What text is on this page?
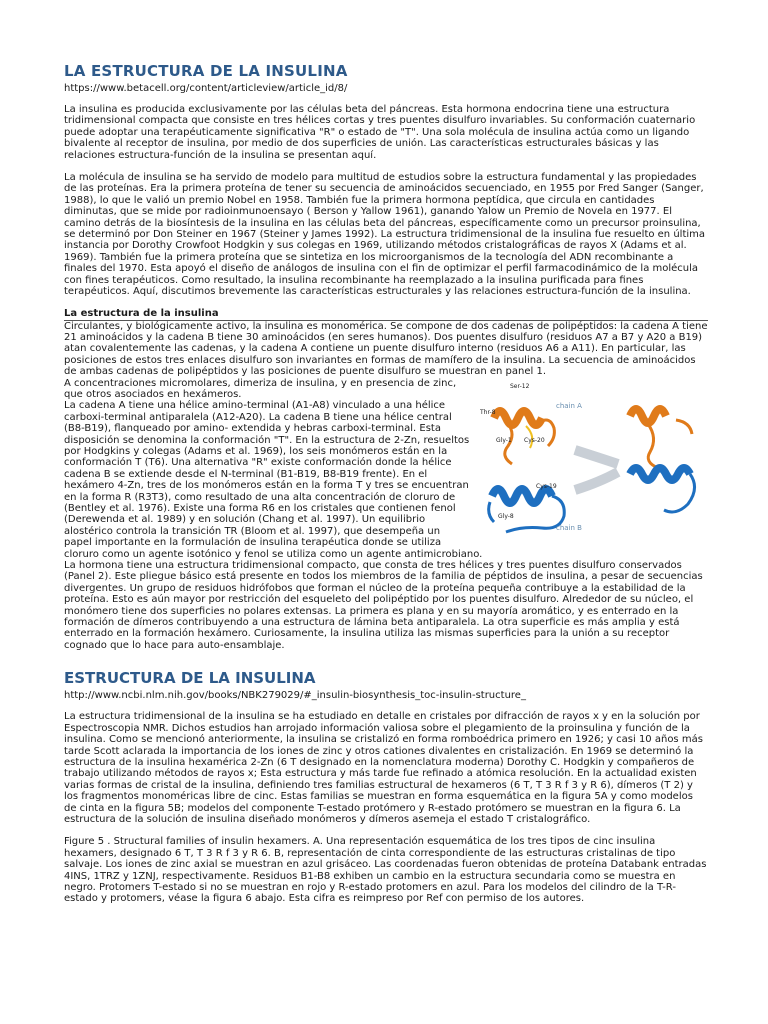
LA ESTRUCTURA DE LA INSULINA
https://www.betacell.org/content/articleview/article_id/8/

La insulina es producida exclusivamente por las células beta del páncreas. Esta hormona endocrina tiene una estructura tridimensional compacta que consiste en tres hélices cortas y tres puentes disulfuro invariables. Su conformación cuaternario puede adoptar una terapéuticamente significativa "R" o estado de "T". Una sola molécula de insulina actúa como un ligando bivalente al receptor de insulina, por medio de dos superficies de unión. Las características estructurales básicas y las relaciones estructura-función de la insulina se presentan aquí.

La molécula de insulina se ha servido de modelo para multitud de estudios sobre la estructura fundamental y las propiedades de las proteínas. Era la primera proteína de tener su secuencia de aminoácidos secuenciado, en 1955 por Fred Sanger (Sanger, 1988), lo que le valió un premio Nobel en 1958. También fue la primera hormona peptídica, que circula en cantidades diminutas, que se mide por radioinmunoensayo ( Berson y Yallow 1961), ganando Yalow un Premio de Novela en 1977. El camino detrás de la biosíntesis de la insulina en las células beta del páncreas, específicamente como un precursor proinsulina, se determinó por Don Steiner en 1967 (Steiner y James 1992). La estructura tridimensional de la insulina fue resuelto en última instancia por Dorothy Crowfoot Hodgkin y sus colegas en 1969, utilizando métodos cristalográficas de rayos X (Adams et al. 1969). También fue la primera proteína que se sintetiza en los microorganismos de la tecnología del ADN recombinante a finales del 1970. Esta apoyó el diseño de análogos de insulina con el fin de optimizar el perfil farmacodinámico de la molécula con fines terapéuticos. Como resultado, la insulina recombinante ha reemplazado a la insulina purificada para fines terapéuticos. Aquí, discutimos brevemente las características estructurales y las relaciones estructura-función de la insulina.

La estructura de la insulina

Circulantes, y biológicamente activo, la insulina es monomérica. Se compone de dos cadenas de polipéptidos: la cadena A tiene 21 aminoácidos y la cadena B tiene 30 aminoácidos (en seres humanos). Dos puentes disulfuro (residuos A7 a B7 y A20 a B19) atan covalentemente las cadenas, y la cadena A contiene un puente disulfuro interno (residuos A6 a A11). En particular, las posiciones de estos tres enlaces disulfuro son invariantes en formas de mamífero de la insulina. La secuencia de aminoácidos de ambas cadenas de polipéptidos y las posiciones de puente disulfuro se muestran en panel 1.

Ser-12
Thr-8
Gly-1 Cys-20
chain A
Gly-8
Cys-19
chain B

A concentraciones micromolares, dimeriza de insulina, y en presencia de zinc, que otros asociados en hexámeros.

La cadena A tiene una hélice amino-terminal (A1-A8) vinculado a una hélice carboxi-terminal antiparalela (A12-A20). La cadena B tiene una hélice central (B8-B19), flanqueado por amino- extendida y hebras carboxi-terminal. Esta disposición se denomina la conformación "T". En la estructura de 2-Zn, resueltos por Hodgkins y colegas (Adams et al. 1969), los seis monómeros están en la conformación T (T6). Una alternativa "R" existe conformación donde la hélice cadena B se extiende desde el N-terminal (B1-B19, B8-B19 frente). En el hexámero 4-Zn, tres de los monómeros están en la forma T y tres se encuentran en la forma R (R3T3), como resultado de una alta concentración de cloruro de (Bentley et al. 1976). Existe una forma R6 en los cristales que contienen fenol (Derewenda et al. 1989) y en solución (Chang et al. 1997). Un equilibrio alostérico controla la transición TR (Bloom et al. 1997), que desempeña un

papel importante en la formulación de insulina terapéutica donde se utiliza cloruro como un agente isotónico y fenol se utiliza como un agente antimicrobiano.

La hormona tiene una estructura tridimensional compacto, que consta de tres hélices y tres puentes disulfuro conservados (Panel 2). Este pliegue básico está presente en todos los miembros de la familia de péptidos de insulina, a pesar de secuencias divergentes. Un grupo de residuos hidrófobos que forman el núcleo de la proteína pequeña contribuye a la estabilidad de la proteína. Esto es aún mayor por restricción del esqueleto del polipéptido por los puentes disulfuro. Alrededor de su núcleo, el monómero tiene dos superficies no polares extensas. La primera es plana y en su mayoría aromático, y es enterrado en la formación de dímeros contribuyendo a una estructura de lámina beta antiparalela. La otra superficie es más amplia y está enterrado en la formación hexámero. Curiosamente, la insulina utiliza las mismas superficies para la unión a su receptor cognado que lo hace para auto-ensamblaje.

ESTRUCTURA DE LA INSULINA
http://www.ncbi.nlm.nih.gov/books/NBK279029/#_insulin-biosynthesis_toc-insulin-structure_

La estructura tridimensional de la insulina se ha estudiado en detalle en cristales por difracción de rayos x y en la solución por Espectroscopia NMR. Dichos estudios han arrojado información valiosa sobre el plegamiento de la proinsulina y función de la insulina. Como se mencionó anteriormente, la insulina se cristalizó en forma romboédrica primero en 1926; y casi 10 años más tarde Scott aclarada la importancia de los iones de zinc y otros cationes divalentes en cristalización. En 1969 se determinó la estructura de la insulina hexamérica 2-Zn (6 T designado en la nomenclatura moderna) Dorothy C. Hodgkin y compañeros de trabajo utilizando métodos de rayos x; Esta estructura y más tarde fue refinado a atómica resolución. En la actualidad existen varias formas de cristal de la insulina, definiendo tres familias estructural de hexameros (6 T, T 3 R f 3 y R 6), dímeros (T 2) y los fragmentos monoméricas libre de cinc. Estas familias se muestran en forma esquemática en la figura 5A y como modelos de cinta en la figura 5B; modelos del componente T-estado protómero y R-estado protómero se muestran en la figura 6. La estructura de la solución de insulina diseñado monómeros y dímeros asemeja el estado T cristalográfico.

Figure 5 . Structural families of insulin hexamers. A. Una representación esquemática de los tres tipos de cinc insulina hexamers, designado 6 T, T 3 R f 3 y R 6. B, representación de cinta correspondiente de las estructuras cristalinas de tipo salvaje. Los iones de zinc axial se muestran en azul grisáceo. Las coordenadas fueron obtenidas de proteína Databank entradas 4INS, 1TRZ y 1ZNJ, respectivamente. Residuos B1-B8 exhiben un cambio en la estructura secundaria como se muestra en negro. Protomers T-estado si no se muestran en rojo y R-estado protomers en azul. Para los modelos del cilindro de la T-R-estado y protomers, véase la figura 6 abajo. Esta cifra es reimpreso por Ref con permiso de los autores.
